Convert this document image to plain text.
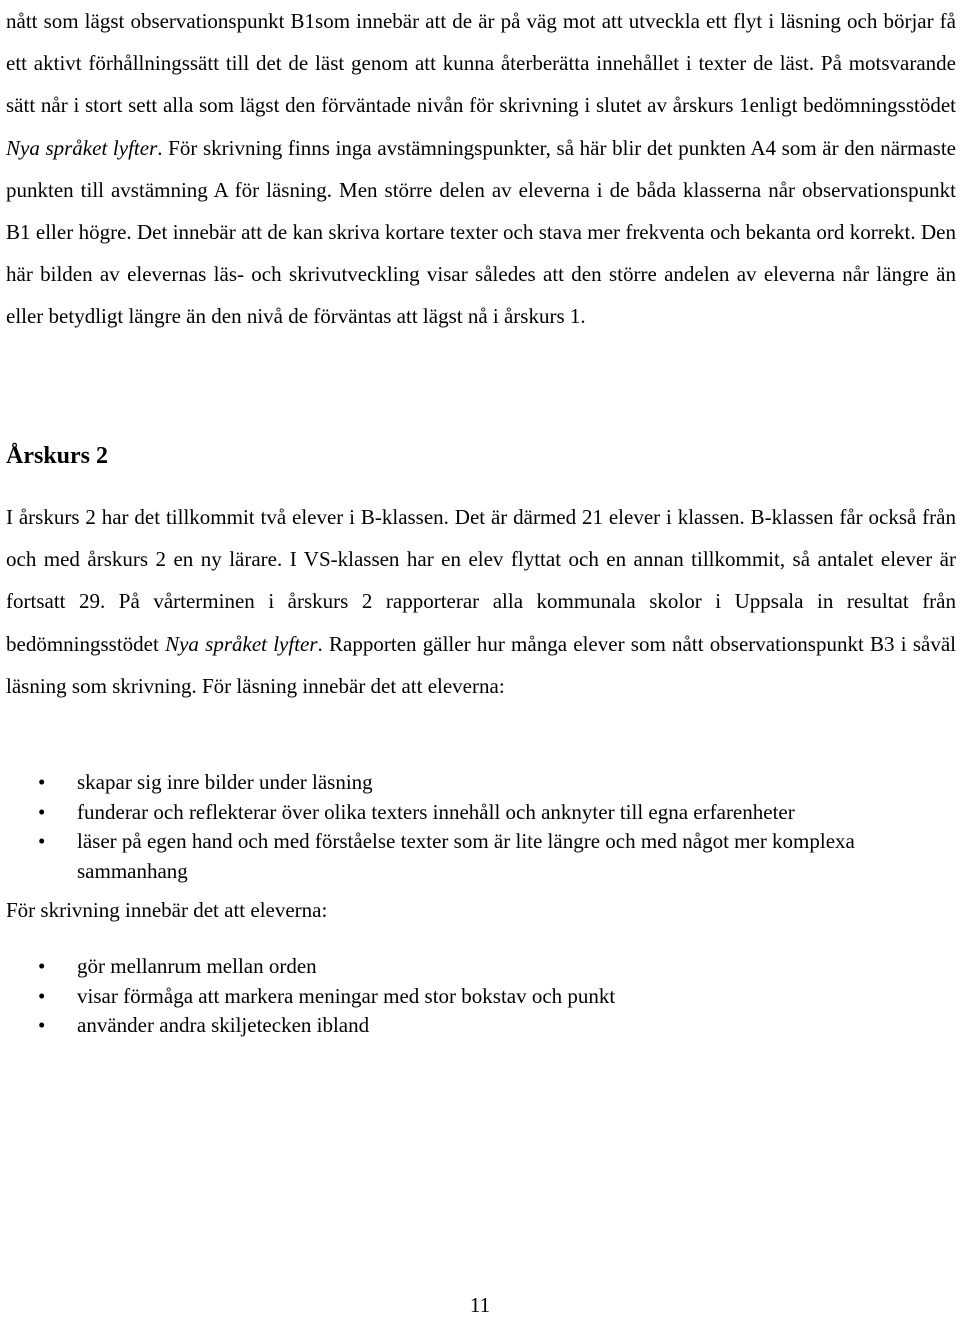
nått som lägst observationspunkt B1som innebär att de är på väg mot att utveckla ett flyt i läsning och börjar få ett aktivt förhållningssätt till det de läst genom att kunna återberätta innehållet i texter de läst. På motsvarande sätt når i stort sett alla som lägst den förväntade nivån för skrivning i slutet av årskurs 1enligt bedömningsstödet Nya språket lyfter. För skrivning finns inga avstämningspunkter, så här blir det punkten A4 som är den närmaste punkten till avstämning A för läsning. Men större delen av eleverna i de båda klasserna når observationspunkt B1 eller högre. Det innebär att de kan skriva kortare texter och stava mer frekventa och bekanta ord korrekt. Den här bilden av elevernas läs- och skrivutveckling visar således att den större andelen av eleverna når längre än eller betydligt längre än den nivå de förväntas att lägst nå i årskurs 1.

Årskurs 2

I årskurs 2 har det tillkommit två elever i B-klassen. Det är därmed 21 elever i klassen. B-klassen får också från och med årskurs 2 en ny lärare. I VS-klassen har en elev flyttat och en annan tillkommit, så antalet elever är fortsatt 29. På vårterminen i årskurs 2 rapporterar alla kommunala skolor i Uppsala in resultat från bedömningsstödet Nya språket lyfter. Rapporten gäller hur många elever som nått observationspunkt B3 i såväl läsning som skrivning. För läsning innebär det att eleverna:

• skapar sig inre bilder under läsning
• funderar och reflekterar över olika texters innehåll och anknyter till egna erfarenheter
• läser på egen hand och med förståelse texter som är lite längre och med något mer komplexa sammanhang

För skrivning innebär det att eleverna:

• gör mellanrum mellan orden
• visar förmåga att markera meningar med stor bokstav och punkt
• använder andra skiljetecken ibland
11
